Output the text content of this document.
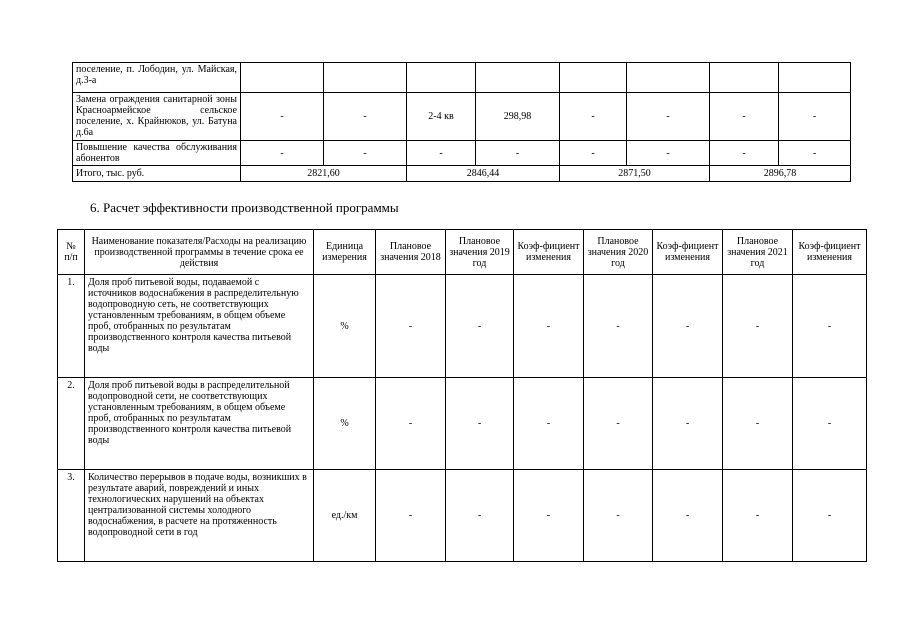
поселение, п. Лободин, ул. Майская, д.3-а								
Замена ограждения санитарной зоны Красноармейское сельское поселение, х. Крайнюков, ул. Батуна д.6а	-	-	2-4 кв	298,98	-	-	-	-
Повышение качества обслуживания абонентов	-	-	-	-	-	-	-	-
Итого, тыс. руб.	2821,60		2846,44		2871,50		2896,78	
6. Расчет эффективности производственной программы
№ п/п	Наименование показателя/Расходы на реализацию производственной программы в течение срока ее действия	Единица измерения	Плановое значения 2018	Плановое значения 2019 год	Коэф-фициент изменения	Плановое значения 2020 год	Коэф-фициент изменения	Плановое значения 2021 год	Коэф-фициент изменения
1.	Доля проб питьевой воды, подаваемой с источников водоснабжения в распределительную водопроводную сеть, не соответствующих установленным требованиям, в общем объеме проб, отобранных по результатам производственного контроля качества питьевой воды	%	-	-	-	-	-	-	-
2.	Доля проб питьевой воды в распределительной водопроводной сети, не соответствующих установленным требованиям, в общем объеме проб, отобранных по результатам производственного контроля качества питьевой воды	%	-	-	-	-	-	-	-
3.	Количество перерывов в подаче воды, возникших в результате аварий, повреждений и иных технологических нарушений на объектах централизованной системы холодного водоснабжения, в расчете на протяженность водопроводной сети в год	ед./км	-	-	-	-	-	-	-
